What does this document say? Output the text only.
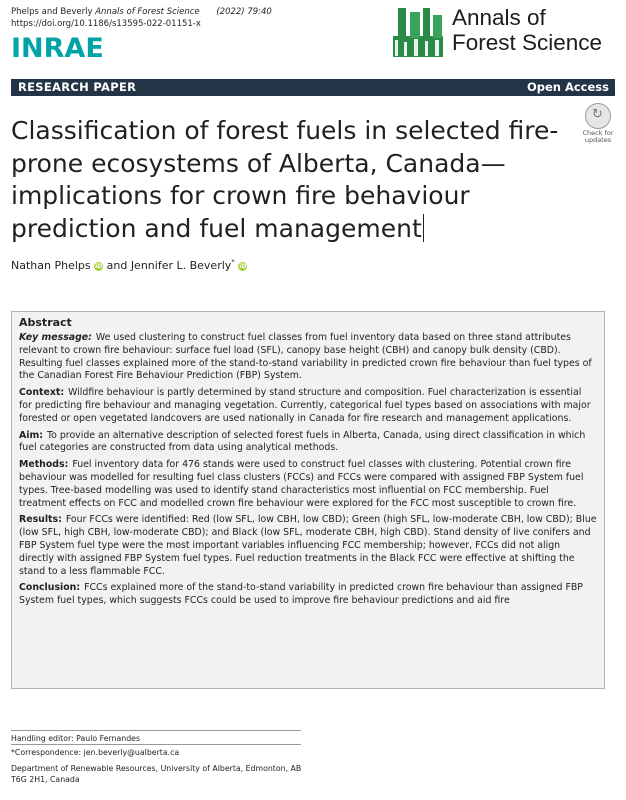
Phelps and Beverly Annals of Forest Science (2022) 79:40
https://doi.org/10.1186/s13595-022-01151-x
INRAE
Annals of
Forest Science
RESEARCH PAPER	Open Access
↻
Check for
updates
Classification of forest fuels in selected fire-prone ecosystems of Alberta, Canada—implications for crown fire behaviour prediction and fuel management
Nathan Phelps iD and Jennifer L. Beverly* iD
Abstract
Key message: We used clustering to construct fuel classes from fuel inventory data based on three stand attributes relevant to crown fire behaviour: surface fuel load (SFL), canopy base height (CBH) and canopy bulk density (CBD). Resulting fuel classes explained more of the stand-to-stand variability in predicted crown fire behaviour than fuel types of the Canadian Forest Fire Behaviour Prediction (FBP) System.
Context: Wildfire behaviour is partly determined by stand structure and composition. Fuel characterization is essential for predicting fire behaviour and managing vegetation. Currently, categorical fuel types based on associations with major forested or open vegetated landcovers are used nationally in Canada for fire research and management applications.
Aim: To provide an alternative description of selected forest fuels in Alberta, Canada, using direct classification in which fuel categories are constructed from data using analytical methods.
Methods: Fuel inventory data for 476 stands were used to construct fuel classes with clustering. Potential crown fire behaviour was modelled for resulting fuel class clusters (FCCs) and FCCs were compared with assigned FBP System fuel types. Tree-based modelling was used to identify stand characteristics most influential on FCC membership. Fuel treatment effects on FCC and modelled crown fire behaviour were explored for the FCC most susceptible to crown fire.
Results: Four FCCs were identified: Red (low SFL, low CBH, low CBD); Green (high SFL, low-moderate CBH, low CBD); Blue (low SFL, high CBH, low-moderate CBD); and Black (low SFL, moderate CBH, high CBD). Stand density of live conifers and FBP System fuel type were the most important variables influencing FCC membership; however, FCCs did not align directly with assigned FBP System fuel types. Fuel reduction treatments in the Black FCC were effective at shifting the stand to a less flammable FCC.
Conclusion: FCCs explained more of the stand-to-stand variability in predicted crown fire behaviour than assigned FBP System fuel types, which suggests FCCs could be used to improve fire behaviour predictions and aid fire
Handling editor: Paulo Fernandes
*Correspondence: jen.beverly@ualberta.ca
Department of Renewable Resources, University of Alberta, Edmonton, AB
T6G 2H1, Canada
